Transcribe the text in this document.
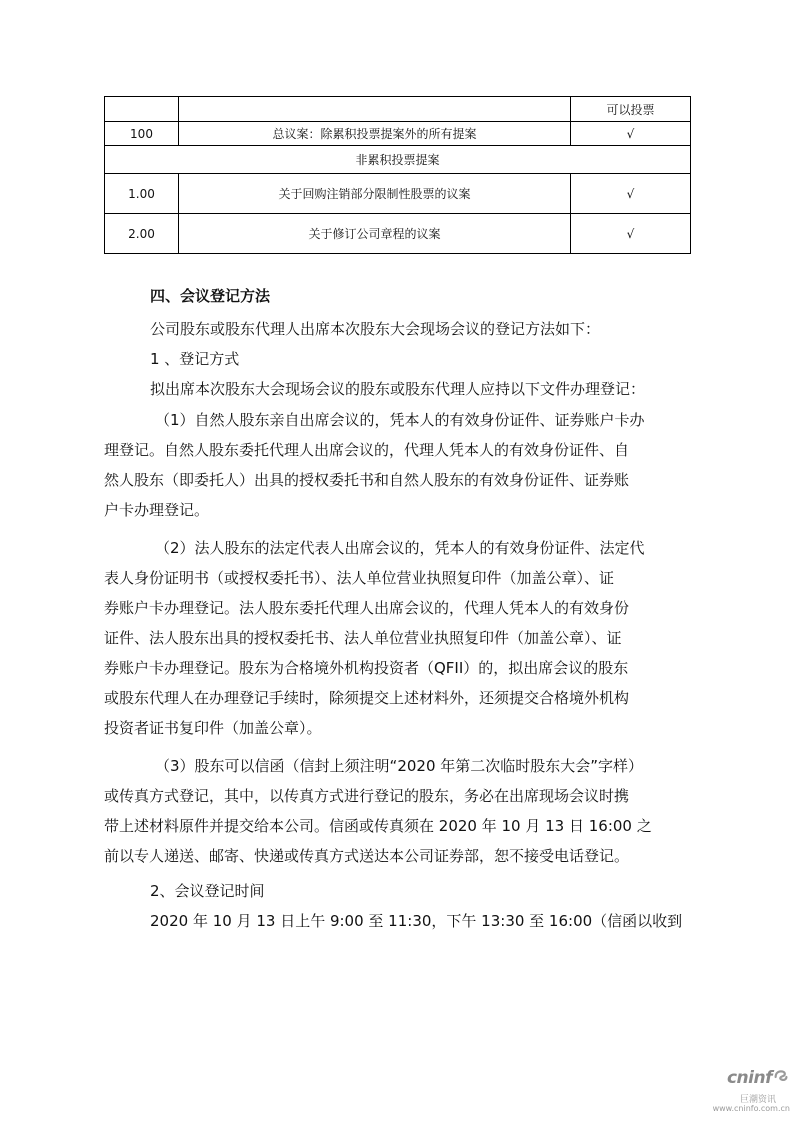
		可以投票
100	总议案：除累积投票提案外的所有提案	√
非累积投票提案		
1.00	关于回购注销部分限制性股票的议案	√
2.00	关于修订公司章程的议案	√
四、会议登记方法
公司股东或股东代理人出席本次股东大会现场会议的登记方法如下：
1 、登记方式
拟出席本次股东大会现场会议的股东或股东代理人应持以下文件办理登记：
（1）自然人股东亲自出席会议的，凭本人的有效身份证件、证券账户卡办
理登记。自然人股东委托代理人出席会议的，代理人凭本人的有效身份证件、自
然人股东（即委托人）出具的授权委托书和自然人股东的有效身份证件、证券账
户卡办理登记。
（2）法人股东的法定代表人出席会议的，凭本人的有效身份证件、法定代
表人身份证明书（或授权委托书）、法人单位营业执照复印件（加盖公章）、证
券账户卡办理登记。法人股东委托代理人出席会议的，代理人凭本人的有效身份
证件、法人股东出具的授权委托书、法人单位营业执照复印件（加盖公章）、证
券账户卡办理登记。股东为合格境外机构投资者（QFII）的，拟出席会议的股东
或股东代理人在办理登记手续时，除须提交上述材料外，还须提交合格境外机构
投资者证书复印件（加盖公章）。
（3）股东可以信函（信封上须注明“2020 年第二次临时股东大会”字样）
或传真方式登记，其中，以传真方式进行登记的股东，务必在出席现场会议时携
带上述材料原件并提交给本公司。信函或传真须在 2020 年 10 月 13 日 16:00 之
前以专人递送、邮寄、快递或传真方式送达本公司证券部，恕不接受电话登记。
2、会议登记时间
2020 年 10 月 13 日上午 9:00 至 11:30，下午 13:30 至 16:00（信函以收到
cninf
巨潮资讯
www.cninfo.com.cn
